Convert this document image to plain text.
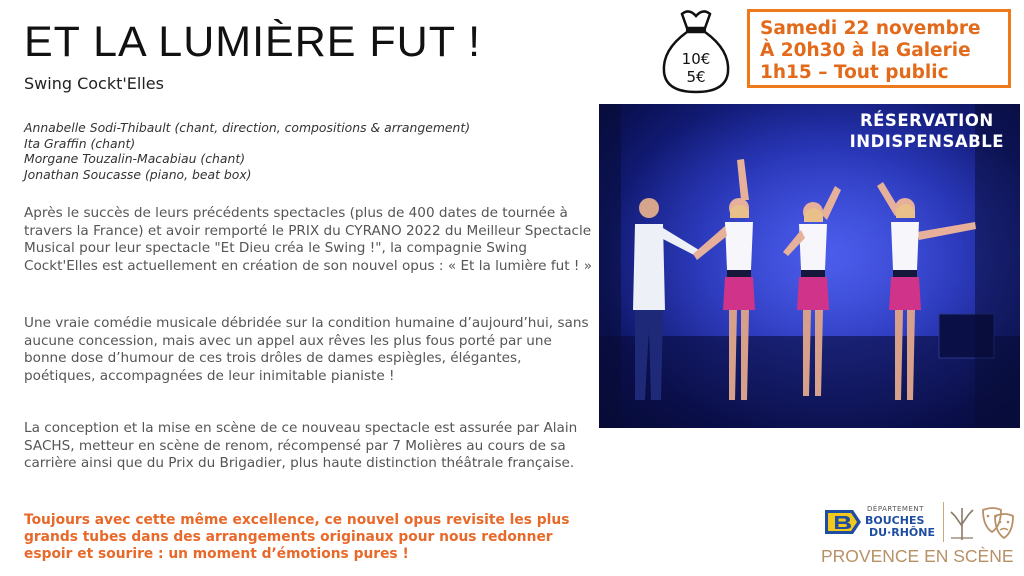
ET LA LUMIÈRE FUT !
Swing Cockt'Elles
Annabelle Sodi-Thibault (chant, direction, compositions & arrangement)
Ita Graffin (chant)
Morgane Touzalin-Macabiau (chant)
Jonathan Soucasse (piano, beat box)
Après le succès de leurs précédents spectacles (plus de 400 dates de tournée à travers la France) et avoir remporté le PRIX du CYRANO 2022 du Meilleur Spectacle Musical pour leur spectacle "Et Dieu créa le Swing !", la compagnie Swing Cockt'Elles est actuellement en création de son nouvel opus : « Et la lumière fut ! »
Une vraie comédie musicale débridée sur la condition humaine d’aujourd’hui, sans aucune concession, mais avec un appel aux rêves les plus fous porté par une bonne dose d’humour de ces trois drôles de dames espiègles, élégantes, poétiques, accompagnées de leur inimitable pianiste !
La conception et la mise en scène de ce nouveau spectacle est assurée par Alain SACHS, metteur en scène de renom, récompensé par 7 Molières au cours de sa carrière ainsi que du Prix du Brigadier, plus haute distinction théâtrale française.
Toujours avec cette même excellence, ce nouvel opus revisite les plus grands tubes dans des arrangements originaux pour nous redonner espoir et sourire : un moment d’émotions pures !
10€
5€
Samedi 22 novembre
À 20h30 à la Galerie
1h15 – Tout public
RÉSERVATION
INDISPENSABLE
DÉPARTEMENT
BOUCHES
DU·RHÔNE
PROVENCE EN SCÈNE
